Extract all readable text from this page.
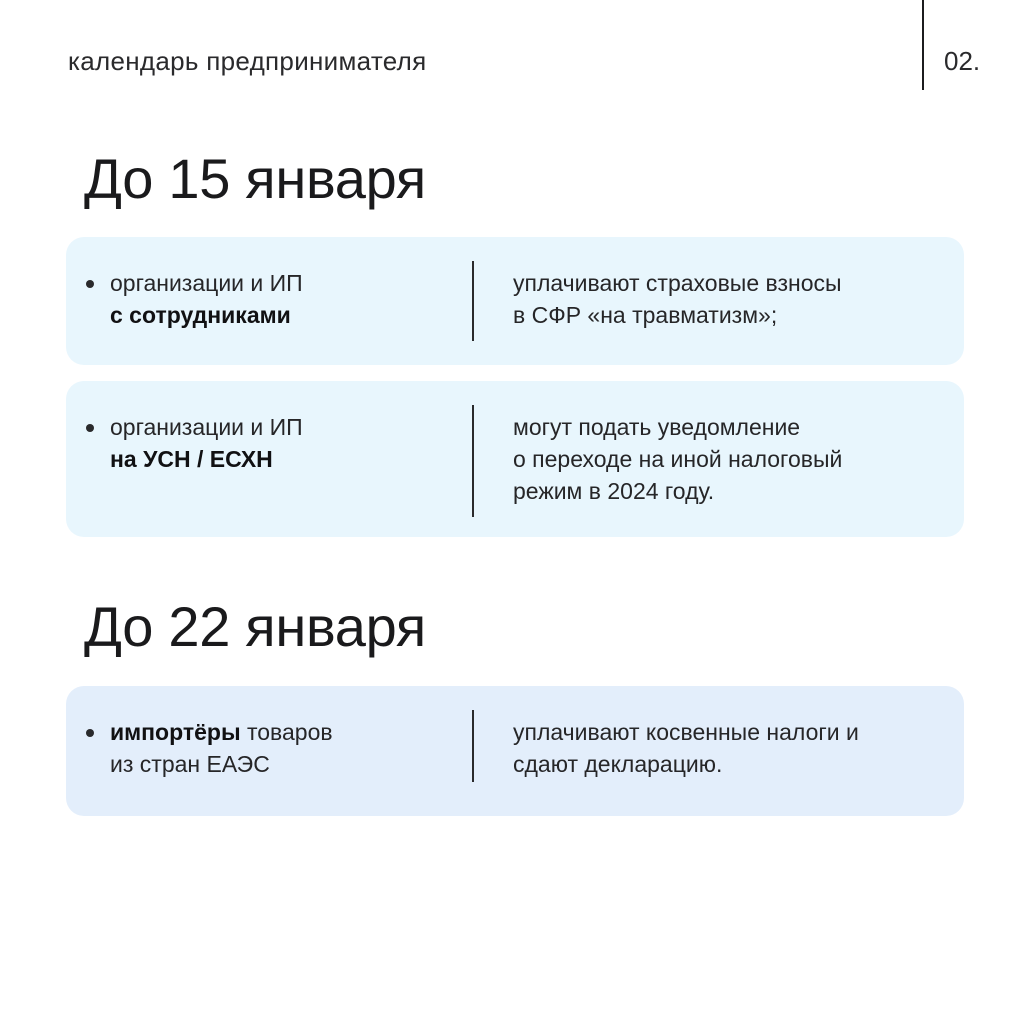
календарь предпринимателя	02.
До 15 января
организации и ИП
с сотрудниками
уплачивают страховые взносы
в СФР «на травматизм»;
организации и ИП
на УСН / ЕСХН
могут подать уведомление
о переходе на иной налоговый
режим в 2024 году.
До 22 января
импортёры товаров
из стран ЕАЭС
уплачивают косвенные налоги и
сдают декларацию.
